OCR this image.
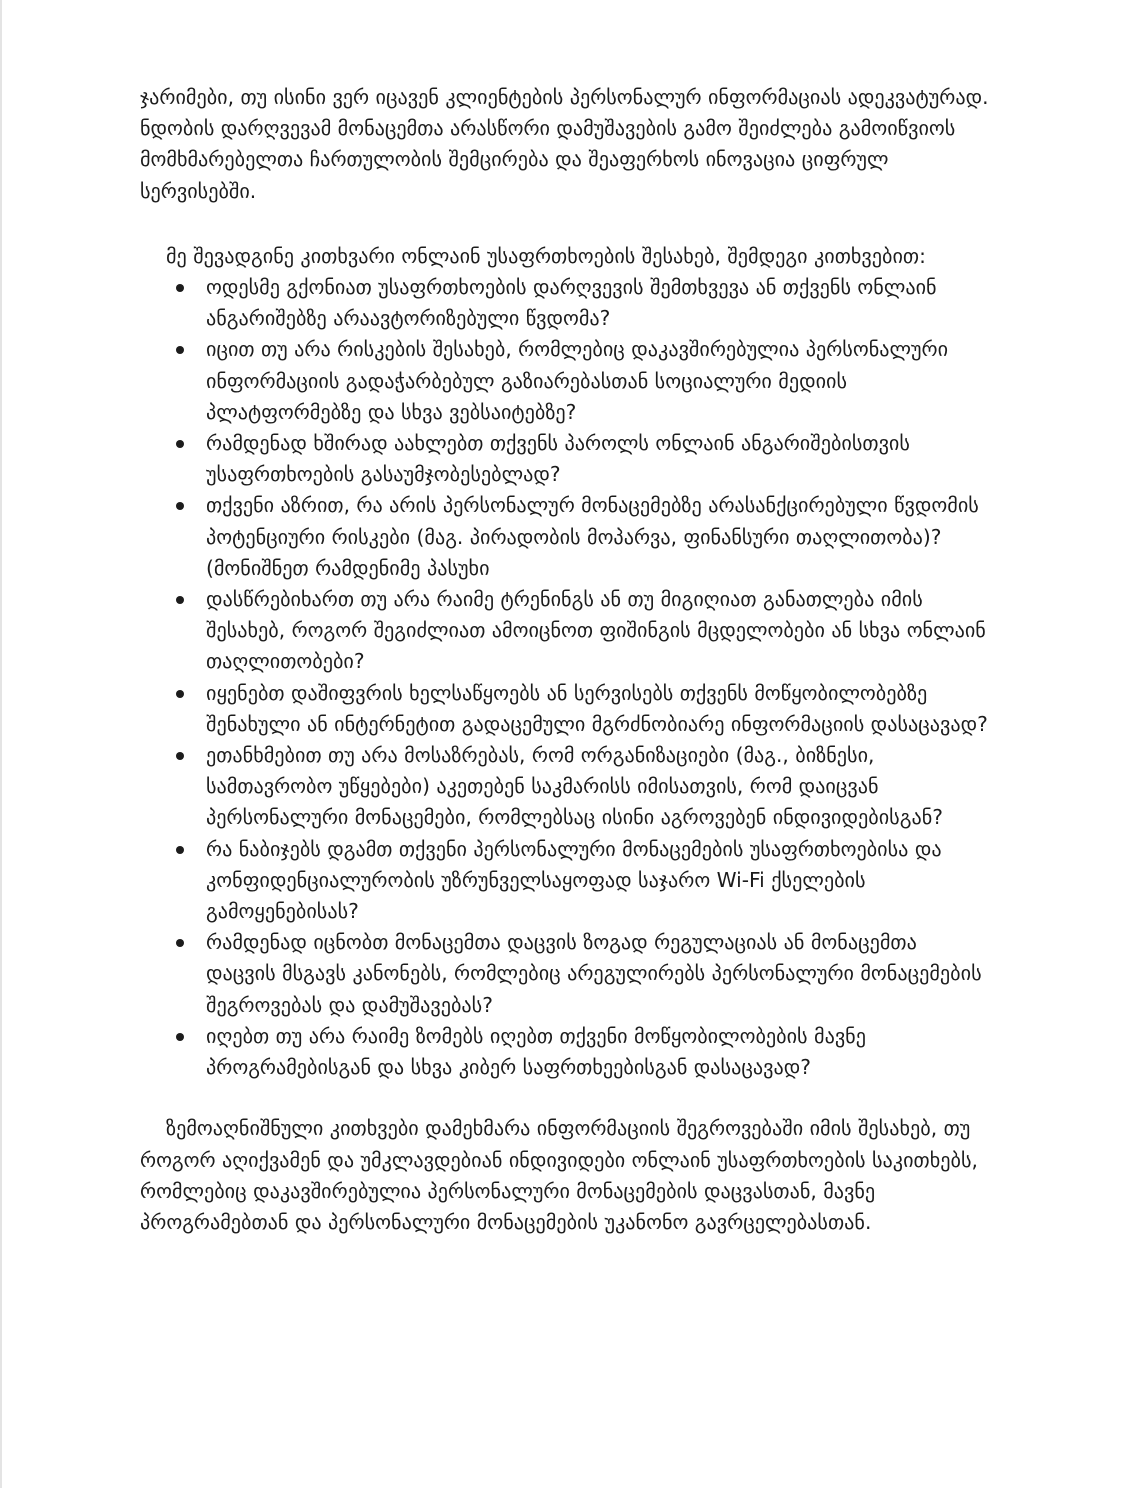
ჯარიმები, თუ ისინი ვერ იცავენ კლიენტების პერსონალურ ინფორმაციას ადეკვატურად. ნდობის დარღვევამ მონაცემთა არასწორი დამუშავების გამო შეიძლება გამოიწვიოს მომხმარებელთა ჩართულობის შემცირება და შეაფერხოს ინოვაცია ციფრულ სერვისებში.

მე შევადგინე კითხვარი ონლაინ უსაფრთხოების შესახებ, შემდეგი კითხვებით:

ოდესმე გქონიათ უსაფრთხოების დარღვევის შემთხვევა ან თქვენს ონლაინ ანგარიშებზე არაავტორიზებული წვდომა?
იცით თუ არა რისკების შესახებ, რომლებიც დაკავშირებულია პერსონალური ინფორმაციის გადაჭარბებულ გაზიარებასთან სოციალური მედიის პლატფორმებზე და სხვა ვებსაიტებზე?
რამდენად ხშირად აახლებთ თქვენს პაროლს ონლაინ ანგარიშებისთვის უსაფრთხოების გასაუმჯობესებლად?
თქვენი აზრით, რა არის პერსონალურ მონაცემებზე არასანქცირებული წვდომის პოტენციური რისკები (მაგ. პირადობის მოპარვა, ფინანსური თაღლითობა)? (მონიშნეთ რამდენიმე პასუხი
დასწრებიხართ თუ არა რაიმე ტრენინგს ან თუ მიგიღიათ განათლება იმის შესახებ, როგორ შეგიძლიათ ამოიცნოთ ფიშინგის მცდელობები ან სხვა ონლაინ თაღლითობები?
იყენებთ დაშიფვრის ხელსაწყოებს ან სერვისებს თქვენს მოწყობილობებზე შენახული ან ინტერნეტით გადაცემული მგრძნობიარე ინფორმაციის დასაცავად?
ეთანხმებით თუ არა მოსაზრებას, რომ ორგანიზაციები (მაგ., ბიზნესი, სამთავრობო უწყებები) აკეთებენ საკმარისს იმისათვის, რომ დაიცვან პერსონალური მონაცემები, რომლებსაც ისინი აგროვებენ ინდივიდებისგან?
რა ნაბიჯებს დგამთ თქვენი პერსონალური მონაცემების უსაფრთხოებისა და კონფიდენციალურობის უზრუნველსაყოფად საჯარო Wi-Fi ქსელების გამოყენებისას?
რამდენად იცნობთ მონაცემთა დაცვის ზოგად რეგულაციას ან მონაცემთა დაცვის მსგავს კანონებს, რომლებიც არეგულირებს პერსონალური მონაცემების შეგროვებას და დამუშავებას?
იღებთ თუ არა რაიმე ზომებს იღებთ თქვენი მოწყობილობების მავნე პროგრამებისგან და სხვა კიბერ საფრთხეებისგან დასაცავად?

ზემოაღნიშნული კითხვები დამეხმარა ინფორმაციის შეგროვებაში იმის შესახებ, თუ როგორ აღიქვამენ და უმკლავდებიან ინდივიდები ონლაინ უსაფრთხოების საკითხებს, რომლებიც დაკავშირებულია პერსონალური მონაცემების დაცვასთან, მავნე პროგრამებთან და პერსონალური მონაცემების უკანონო გავრცელებასთან.
